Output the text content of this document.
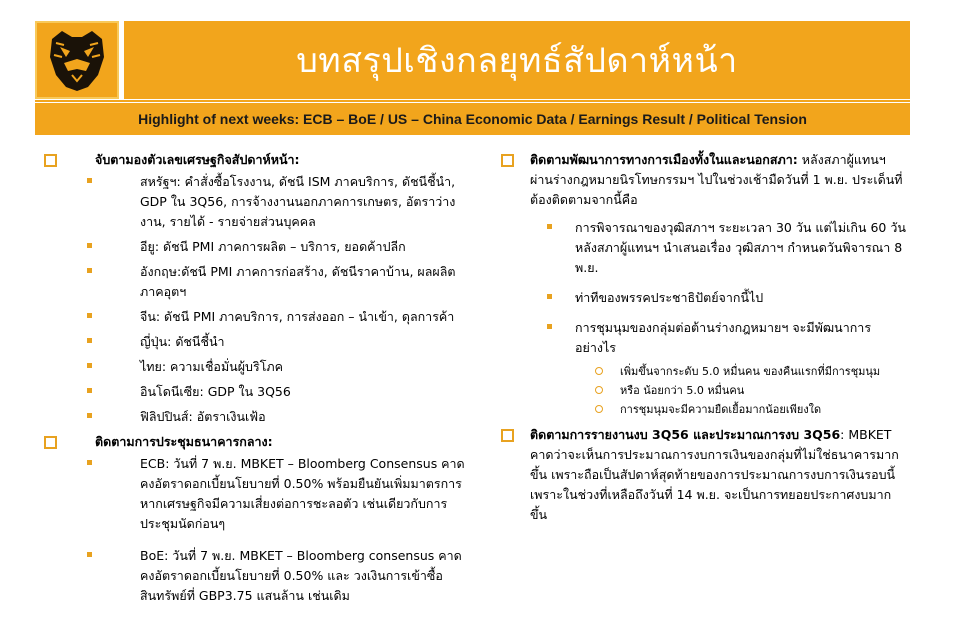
บทสรุปเชิงกลยุทธ์สัปดาห์หน้า
Highlight of next weeks: ECB – BoE / US – China Economic Data / Earnings Result / Political Tension
จับตามองตัวเลขเศรษฐกิจสัปดาห์หน้า:
สหรัฐฯ: คำสั่งซื้อโรงงาน, ดัชนี ISM ภาคบริการ, ดัชนีชี้นำ, GDP ใน 3Q56, การจ้างงานนอกภาคการเกษตร, อัตราว่างงาน, รายได้ - รายจ่ายส่วนบุคคล
อียู: ดัชนี PMI ภาคการผลิต – บริการ, ยอดค้าปลีก
อังกฤษ:ดัชนี PMI ภาคการก่อสร้าง, ดัชนีราคาบ้าน, ผลผลิตภาคอุตฯ
จีน: ดัชนี PMI ภาคบริการ, การส่งออก – นำเข้า, ดุลการค้า
ญี่ปุ่น: ดัชนีชี้นำ
ไทย: ความเชื่อมั่นผู้บริโภค
อินโดนีเซีย: GDP ใน 3Q56
ฟิลิปปินส์: อัตราเงินเฟ้อ
ติดตามการประชุมธนาคารกลาง:
ECB: วันที่ 7 พ.ย. MBKET – Bloomberg Consensus คาดคงอัตราดอกเบี้ยนโยบายที่ 0.50% พร้อมยืนยันเพิ่มมาตรการหากเศรษฐกิจมีความเสี่ยงต่อการชะลอตัว เช่นเดียวกับการประชุมนัดก่อนๆ
BoE: วันที่ 7 พ.ย. MBKET – Bloomberg consensus คาดคงอัตราดอกเบี้ยนโยบายที่ 0.50% และ วงเงินการเข้าซื้อสินทรัพย์ที่ GBP3.75 แสนล้าน เช่นเดิม
ติดตามพัฒนาการทางการเมืองทั้งในและนอกสภา: หลังสภาผู้แทนฯ ผ่านร่างกฎหมายนิรโทษกรรมฯ ไปในช่วงเช้ามืดวันที่ 1 พ.ย. ประเด็นที่ต้องติดตามจากนี้คือ
การพิจารณาของวุฒิสภาฯ ระยะเวลา 30 วัน แต่ไม่เกิน 60 วัน หลังสภาผู้แทนฯ นำเสนอเรื่อง วุฒิสภาฯ กำหนดวันพิจารณา 8 พ.ย.
ท่าทีของพรรคประชาธิปัตย์จากนี้ไป
การชุมนุมของกลุ่มต่อต้านร่างกฎหมายฯ จะมีพัฒนาการอย่างไร
เพิ่มขึ้นจากระดับ 5.0 หมื่นคน ของคืนแรกที่มีการชุมนุม
หรือ น้อยกว่า 5.0 หมื่นคน
การชุมนุมจะมีความยืดเยื้อมากน้อยเพียงใด
ติดตามการรายงานงบ 3Q56 และประมาณการงบ 3Q56: MBKET คาดว่าจะเห็นการประมาณการงบการเงินของกลุ่มที่ไม่ใช่ธนาคารมากขึ้น เพราะถือเป็นสัปดาห์สุดท้ายของการประมาณการงบการเงินรอบนี้ เพราะในช่วงที่เหลือถึงวันที่ 14 พ.ย. จะเป็นการทยอยประกาศงบมากขึ้น
